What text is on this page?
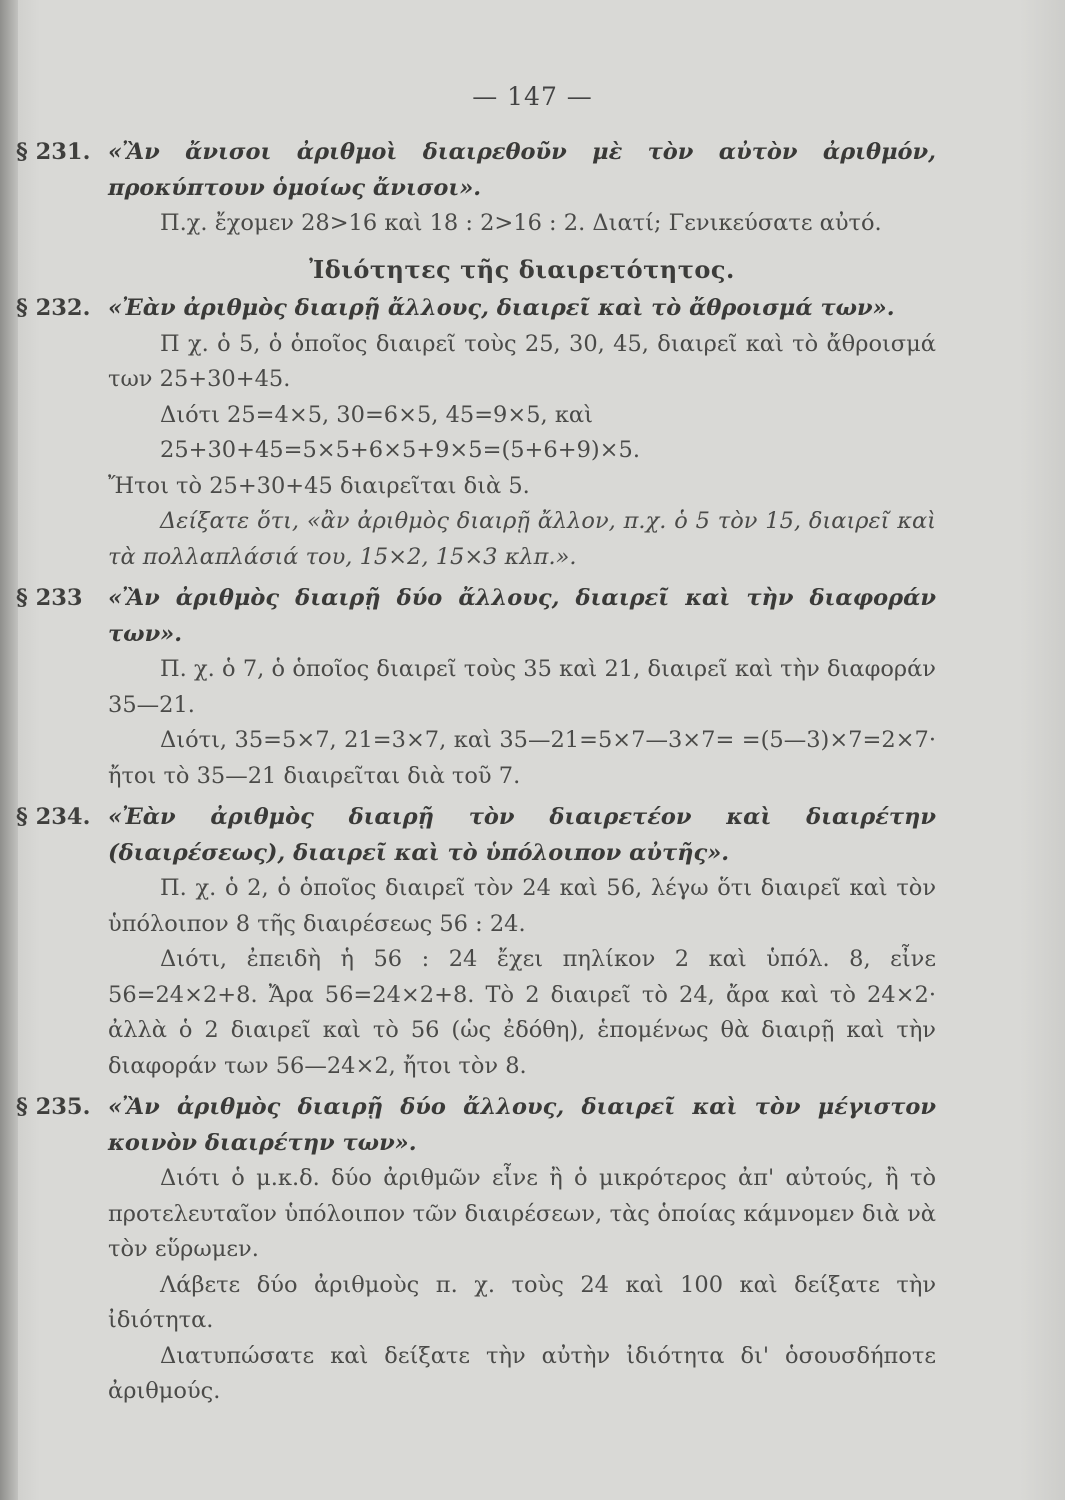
— 147 —

§ 231. «Ἂν ἄνισοι ἀριθμοὶ διαιρεθοῦν μὲ τὸν αὐτὸν ἀριθμόν, προκύπτουν ὁμοίως ἄνισοι».

Π.χ. ἔχομεν 28>16 καὶ 18 : 2>16 : 2. Διατί; Γενικεύσατε αὐτό.

Ἰδιότητες τῆς διαιρετότητος.

§ 232. «Ἐὰν ἀριθμὸς διαιρῇ ἄλλους, διαιρεῖ καὶ τὸ ἄθροισμά των».

Π χ. ὁ 5, ὁ ὁποῖος διαιρεῖ τοὺς 25, 30, 45, διαιρεῖ καὶ τὸ ἄθροισμά των 25+30+45.

Διότι 25=4×5, 30=6×5, 45=9×5, καὶ

25+30+45=5×5+6×5+9×5=(5+6+9)×5.

Ἤτοι τὸ 25+30+45 διαιρεῖται διὰ 5.

Δείξατε ὅτι, «ἂν ἀριθμὸς διαιρῇ ἄλλον, π.χ. ὁ 5 τὸν 15, διαιρεῖ καὶ τὰ πολλαπλάσιά του, 15×2, 15×3 κλπ.».

§ 233 «Ἂν ἀριθμὸς διαιρῇ δύο ἄλλους, διαιρεῖ καὶ τὴν διαφοράν των».

Π. χ. ὁ 7, ὁ ὁποῖος διαιρεῖ τοὺς 35 καὶ 21, διαιρεῖ καὶ τὴν διαφοράν 35—21.

Διότι, 35=5×7, 21=3×7, καὶ 35—21=5×7—3×7= =(5—3)×7=2×7· ἤτοι τὸ 35—21 διαιρεῖται διὰ τοῦ 7.

§ 234. «Ἐὰν ἀριθμὸς διαιρῇ τὸν διαιρετέον καὶ διαιρέτην (διαιρέσεως), διαιρεῖ καὶ τὸ ὑπόλοιπον αὐτῆς».

Π. χ. ὁ 2, ὁ ὁποῖος διαιρεῖ τὸν 24 καὶ 56, λέγω ὅτι διαιρεῖ καὶ τὸν ὑπόλοιπον 8 τῆς διαιρέσεως 56 : 24.

Διότι, ἐπειδὴ ἡ 56 : 24 ἔχει πηλίκον 2 καὶ ὑπόλ. 8, εἶνε 56=24×2+8. Ἄρα 56=24×2+8. Τὸ 2 διαιρεῖ τὸ 24, ἄρα καὶ τὸ 24×2· ἀλλὰ ὁ 2 διαιρεῖ καὶ τὸ 56 (ὡς ἐδόθη), ἑπομένως θὰ διαιρῇ καὶ τὴν διαφοράν των 56—24×2, ἤτοι τὸν 8.

§ 235. «Ἂν ἀριθμὸς διαιρῇ δύο ἄλλους, διαιρεῖ καὶ τὸν μέγιστον κοινὸν διαιρέτην των».

Διότι ὁ μ.κ.δ. δύο ἀριθμῶν εἶνε ἢ ὁ μικρότερος ἀπ' αὐτούς, ἢ τὸ προτελευταῖον ὑπόλοιπον τῶν διαιρέσεων, τὰς ὁποίας κάμνομεν διὰ νὰ τὸν εὕρωμεν.

Λάβετε δύο ἀριθμοὺς π. χ. τοὺς 24 καὶ 100 καὶ δείξατε τὴν ἰδιότητα.

Διατυπώσατε καὶ δείξατε τὴν αὐτὴν ἰδιότητα δι' ὁσουσδήποτε ἀριθμούς.
